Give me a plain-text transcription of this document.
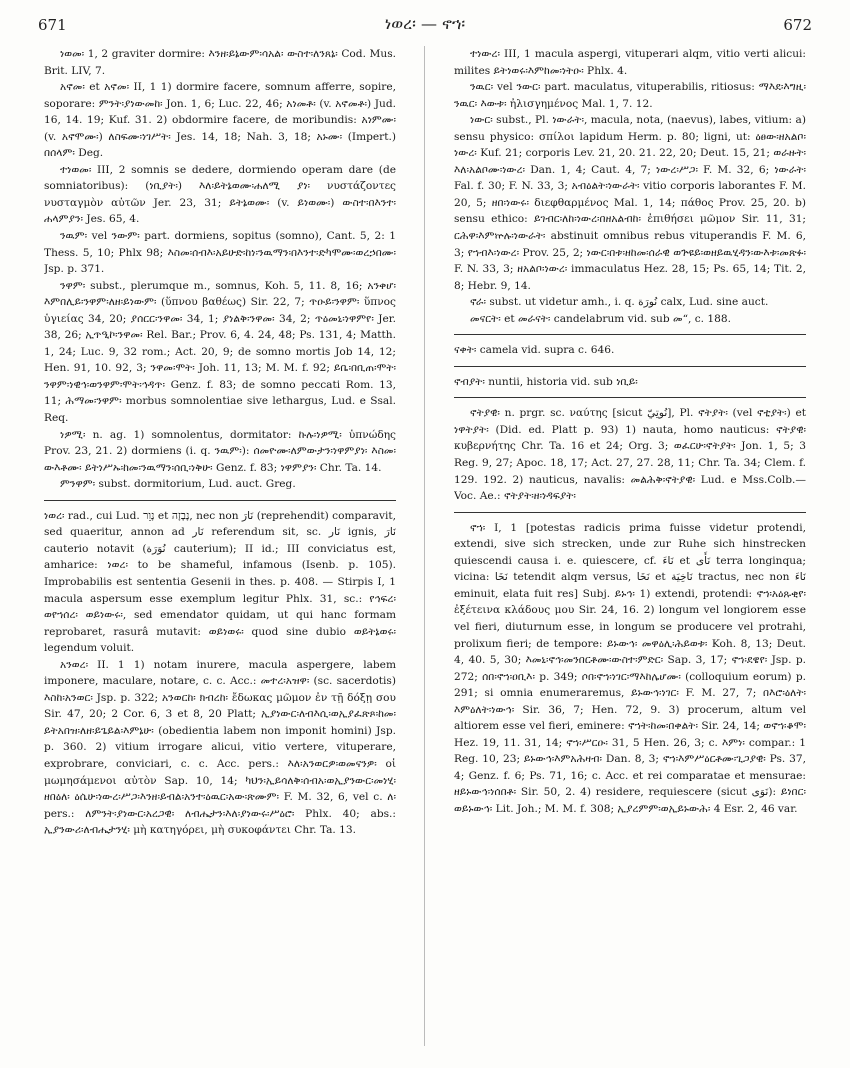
671	ነወረ፡ — ኖኀ፡	672

ነወመ፡ 1, 2 graviter dormire: እንዘ፡ይኔውም፡ሳአል፡ ውስተ፡ለንጸኔ፡ Cod. Mus. Brit. LIV, 7.

አኖመ፡ et አኖመ፡ II, 1 1) dormire facere, somnum afferre, sopire, soporare: ምንት፡ያነውመከ፡ Jon. 1, 6; Luc. 22, 46; አነመቶ፡ (v. አኖመቶ፡) Jud. 16, 14. 19; Kuf. 31. 2) obdormire facere, de moribundis: አነምሙ፡ (v. አኖሞሙ፡) ለስፍሙ፡ነገሥት፡ Jes. 14, 18; Nah. 3, 18; አኑሙ፡ (Impert.) በሰላም፡ Deg.

ተነወመ፡ III, 2 somnis se dedere, dormiendo operam dare (de somniatoribus): (ነቢያት፡) እለ፡ይትኔወሙ፡ሐለሚ ያነ፡ νυστάζοντες νυσταγμὸν αὐτῶν Jer. 23, 31; ይትኔወሙ፡ (v. ይነወሙ፡) ውስተ፡በእንተ፡ሐላምያን፡ Jes. 65, 4.

ንዉም፡ vel ንውም፡ part. dormiens, sopitus (somno), Cant. 5, 2: 1 Thess. 5, 10; Phlx 98; እስመ፡ሰብእ፡አይሁድ፡ከነ፡ንዉማን፡በእንተ፡ድካሞሙ፡ወረኃበሙ፡ Jsp. p. 371.

ንዋም፡ subst., plerumque m., somnus, Koh. 5, 11. 8, 16; አንቀሆ፡እምበሊይ፡ንዋም፡ለዘ፡ይነውም፡ (ὕπνου βαθέως) Sir. 22, 7; ጥዑይ፡ንዋም፡ ὕπνος ὑγιείας 34, 20; ያሰርር፡ንዋመ፡ 34, 1; ያነልቅ፡ንዋመ፡ 34, 2; ጥዕመኒ፡ነዋምየ፡ Jer. 38, 26; ኢጥዒኮ፡ንዋመ፡ Rel. Bar.; Prov. 6, 4. 24, 48; Ps. 131, 4; Matth. 1, 24; Luc. 9, 32 rom.; Act. 20, 9; de somno mortis Job 14, 12; Hen. 91, 10. 92, 3; ንዋመ፡ሞት፡ Joh. 11, 13; M. M. f. 92; ይቤ፡በቢጠ፡ሞት፡ንዋም፡ነዊኅ፡ወንዋም፡ሞት፡ኅዳጥ፡ Genz. f. 83; de somno peccati Rom. 13, 11; ሕማመ፡ንዋም፡ morbus somnolentiae sive lethargus, Lud. e Ssal. Req.

ነዎሚ፡ n. ag. 1) somnolentus, dormitator: ኩሉ፡ነዎሚ፡ ὑπνώδης Prov. 23, 21. 2) dormiens (i. q. ንዉም፡): ሰመዮሙ፡ለምውታን፡ነዋምያነ፡ እስመ፡ውእቶሙ፡ ይትነሥኡ፡ከመ፡ንዉማን፡ሰቢ፡ነቅሁ፡ Genz. f. 83; ነዋምያን፡ Chr. Ta. 14.

ምንዋም፡ subst. dormitorium, Lud. auct. Greg.

ነወረ፡ rad., cui Lud. נָוֵר et נָבָזָה, nec non نَارَ (reprehendit) comparavit, sed quaeritur, annon ad نَار referendum sit, sc. نَار ignis, نَارَ cauterio notavit (نُوَرَة cauterium); II id.; III conviciatus est, amharice: ነወረ፡ to be shameful, infamous (Isenb. p. 105). Improbabilis est sententia Gesenii in thes. p. 408. — Stirpis I, 1 macula aspersum esse exemplum legitur Phlx. 31, sc.: የኅፍረ፡ ወየኀሰረ፡ ወይነውሩ፡, sed emendator quidam, ut qui hanc formam reprobaret, rasurâ mutavit: ወይነወሩ፡ quod sine dubio ወይትኔወሩ፡ legendum voluit.

አንወረ፡ II. 1 1) notam inurere, macula aspergere, labem imponere, maculare, notare, c. c. Acc.: መተረ፡አዝዋ፡ (sc. sacerdotis) እስከ፡አንወር፡ Jsp. p. 322; አንወርከ፡ ክብረከ፡ ἔδωκας μῶμον ἐν τῇ δόξῃ σου Sir. 47, 20; 2 Cor. 6, 3 et 8, 20 Platt; ኢያነውር፡ለብእሲ፡ወኢያፈጽጾ፡ከመ፡ይትአበዝ፡ለዘ፡ይጌይል፡እምኔሁ፡ (obedientia labem non imponit homini) Jsp. p. 360. 2) vitium irrogare alicui, vitio vertere, vituperare, exprobrare, conviciari, c. c. Acc. pers.: እለ፡አንወርዎ፡ወመናንዎ፡ οἱ μωμησάμενοι αὐτὸν Sap. 10, 14; ካህን፡ኢይሳለቅ፡ሰብአ፡ወኢያንውር፡መነሂ፡ዘበዕለ፡ ዕሴሁ፡ነውረ፡ሥጋ፡እንዘ፡ይብል፡አንተ፡ዕዉር፡አው፡ጽሙም፡ F. M. 32, 6, vel c. ለ፡ pers.: ለምንት፡ያነውር፡አረጋዊ፡ ለብሔታን፡እለ፡ያነውሩ፡ሥዕሮ፡ Phlx. 40; abs.: ኢያንውሪ፡ለብሔታንሂ፡ μὴ κατηγόρει, μὴ συκοφάντει Chr. Ta. 13.

ተነውረ፡ III, 1 macula aspergi, vituperari alqm, vitio verti alicui: milites ይትነወሩ፡እምከመ፡ነትዑ፡ Phlx. 4.

ንዉር፡ vel ንውር፡ part. maculatus, vituperabilis, ritiosus: ማእደ፡እግዚ፡ ንዉር፡ እውቱ፡ ἠλισγημένος Mal. 1, 7. 12.

ነውር፡ subst., Pl. ነውራት፡, macula, nota, (naevus), labes, vitium: a) sensu physico: σπίλοι lapidum Herm. p. 80; ligni, ut: ዕፀው፡ዘአልቦ፡ነውረ፡ Kuf. 21; corporis Lev. 21, 20. 21. 22, 20; Deut. 15, 21; ወራዙት፡እለ፡አልቦሙ፡ነውረ፡ Dan. 1, 4; Caut. 4, 7; ነውረ፡ሥጋ፡ F. M. 32, 6; ነውራት፡ Fal. f. 30; F. N. 33, 3; አብዕልት፡ነውራት፡ vitio corporis laborantes F. M. 20, 5; ዘበ፡ነውሩ፡ διεφθαρμένος Mal. 1, 14; πάθος Prov. 25, 20. b) sensu ethico: ይገብር፡ለከ፡ነውረ፡በዘአልብከ፡ ἐπιθήσει μῶμον Sir. 11, 31; ርሕዋ፡እምኵሉ፡ነውራት፡ abstinuit omnibus rebus vituperandis F. M. 6, 3; የኀብእ፡ነውረ፡ Prov. 25, 2; ነውር፡በቱ፡ዘከመ፡ሰራዊ ወጕዩይ፡ወዘይዉሂዳን፡ውእቱ፡መጽፉ፡ F. N. 33, 3; ዘአልቦ፡ነውረ፡ immaculatus Hez. 28, 15; Ps. 65, 14; Tit. 2, 8; Hebr. 9, 14.

ኖራ፡ subst. ut videtur amh., i. q. نُورَة calx, Lud. sine auct.

መናርት፡ et መራናት፡ candelabrum vid. sub መ“, c. 188.

ናቀት፡ camela vid. supra c. 646.

ኖብያት፡ nuntii, historia vid. sub ነቢይ፡

ኖትያዊ፡ n. prgr. sc. ναύτης [sicut نُوتِيّ], Pl. ኖትያት፡ (vel ኖቲያት፡) et ነዋትያት፡ (Did. ed. Platt p. 93) 1) nauta, homo nauticus: ኖትያዊ፡ κυβερνήτης Chr. Ta. 16 et 24; Org. 3; ወፈርሁ፡ኖትያት፡ Jon. 1, 5; 3 Reg. 9, 27; Apoc. 18, 17; Act. 27, 27. 28, 11; Chr. Ta. 34; Clem. f. 129. 192. 2) nauticus, navalis: መልሕቅ፡ኖትያዊ፡ Lud. e Mss.Colb.— Voc. Ae.: ኖትያት፡ዘ፡ነዳፍያት፡

ኖኀ፡ I, 1 [potestas radicis prima fuisse videtur protendi, extendi, sive sich strecken, unde zur Ruhe sich hinstrecken quiescendi causa i. e. quiescere, cf. نَاءَ et نَأَى terra longinqua; vicina: نَخَا tetendit alqm versus, نَخَا et نَاخِيَة tractus, nec non نَاءَ eminuit, elata fuit res] Subj. ይኑኅ፡ 1) extendi, protendi: ኖኀ፡አዕጹቂየ፡ ἐξέτεινα κλάδους μου Sir. 24, 16. 2) longum vel longiorem esse vel fieri, diuturnum esse, in longum se producere vel protrahi, prolixum fieri; de tempore: ይኑውኅ፡ መዋዕሊ፡ሕይወቱ፡ Koh. 8, 13; Deut. 4, 40. 5, 30; እመኒ፡ኖኅ፡መንበርቶሙ፡ውስተ፡ምድር፡ Sap. 3, 17; ኖኀ፡ደዌየ፡ Jsp. p. 272; ሰበ፡ኖኀ፡ዐቢእ፡ p. 349; ሶበ፡ኖኀ፡ነገር፡ማእከሌሆሙ፡ (colloquium eorum) p. 291; si omnia enumeraremus, ይኑውኅ፡ነገር፡ F. M. 27, 7; በእሮ፡ዕለት፡እምዕለት፡ነውኅ፡ Sir. 36, 7; Hen. 72, 9. 3) procerum, altum vel altiorem esse vel fieri, eminere: ኖኀት፡ከመ፡በቀልት፡ Sir. 24, 14; ወኖኀ፡ቆሞ፡ Hez. 19, 11. 31, 14; ኖኀ፡ሥርዑ፡ 31, 5 Hen. 26, 3; c. እምነ፡ compar.: 1 Reg. 10, 23; ይኑውኅ፡እምአሕዛብ፡ Dan. 8, 3; ኖኀ፡እምሥዕርቶሙ፡ጊጋያዊ፡ Ps. 37, 4; Genz. f. 6; Ps. 71, 16; c. Acc. et rei comparatae et mensurae: ዘይኑውኅ፡ነሰበቶ፡ Sir. 50, 2. 4) residere, requiescere (sicut نَوَى): ይነበር፡ወይኑውኅ፡ Lit. Joh.; M. M. f. 308; ኢያረምም፡ወኢይኑውሕ፡ 4 Esr. 2, 46 var.
